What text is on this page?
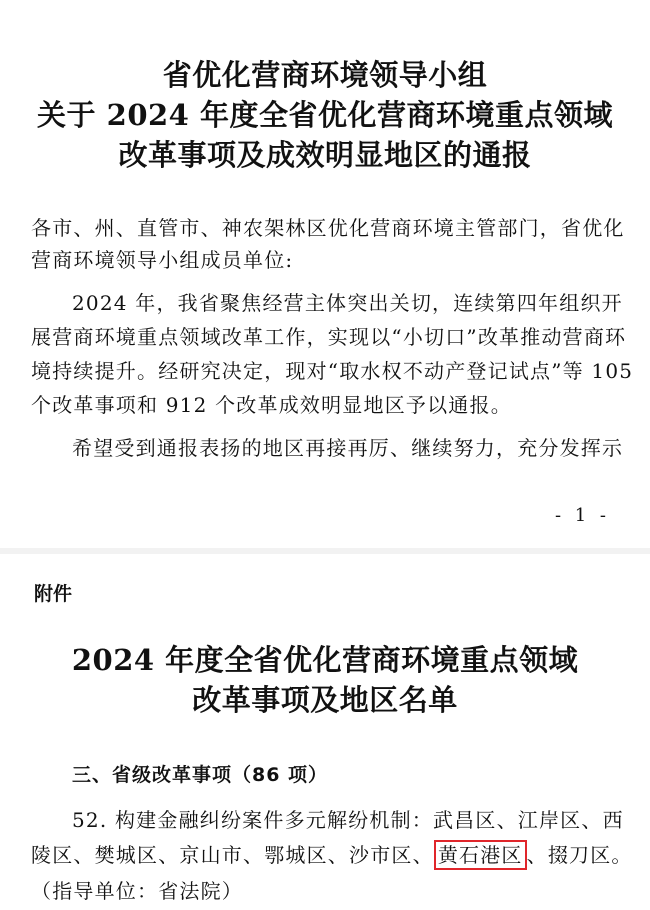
省优化营商环境领导小组
关于 2024 年度全省优化营商环境重点领域
改革事项及成效明显地区的通报
各市、州、直管市、神农架林区优化营商环境主管部门，省优化
营商环境领导小组成员单位:
2024 年，我省聚焦经营主体突出关切，连续第四年组织开
展营商环境重点领域改革工作，实现以“小切口”改革推动营商环
境持续提升。经研究决定，现对“取水权不动产登记试点”等 105
个改革事项和 912 个改革成效明显地区予以通报。
希望受到通报表扬的地区再接再厉、继续努力，充分发挥示
- 1 -
附件
2024 年度全省优化营商环境重点领域
改革事项及地区名单
三、省级改革事项（86 项）
52. 构建金融纠纷案件多元解纷机制：武昌区、江岸区、西
陵区、樊城区、京山市、鄂城区、沙市区、 黄石港区 、掇刀区。
（指导单位：省法院）
